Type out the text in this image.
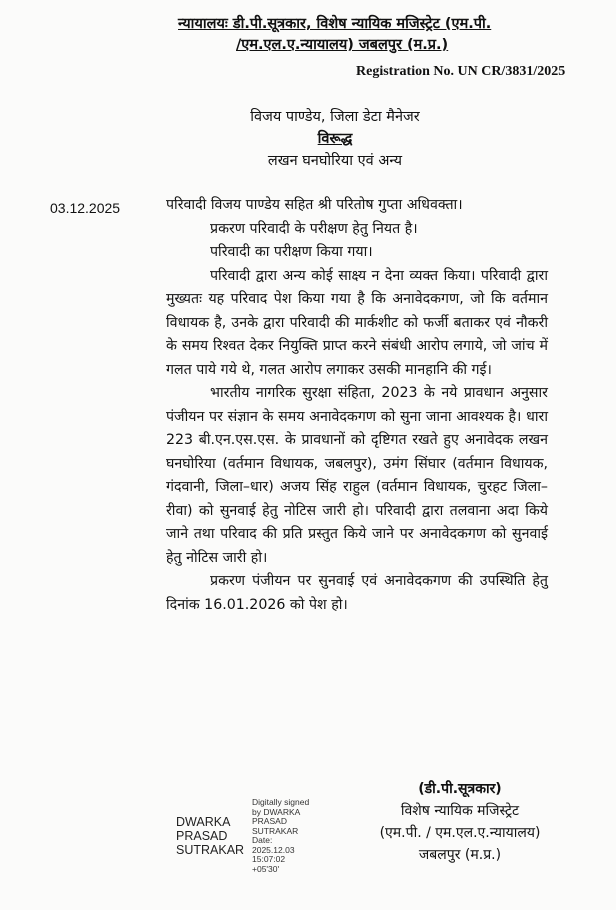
न्यायालयः डी.पी.सूत्रकार, विशेष न्यायिक मजिस्ट्रेट (एम.पी.
/एम.एल.ए.न्यायालय) जबलपुर (म.प्र.)
Registration No. UN CR/3831/2025
विजय पाण्डेय, जिला डेटा मैनेजर
विरूद्ध
लखन घनघोरिया एवं अन्य
03.12.2025	परिवादी विजय पाण्डेय सहित श्री परितोष गुप्ता अधिवक्ता।

प्रकरण परिवादी के परीक्षण हेतु नियत है।

परिवादी का परीक्षण किया गया।

परिवादी द्वारा अन्य कोई साक्ष्य न देना व्यक्त किया। परिवादी द्वारा मुख्यतः यह परिवाद पेश किया गया है कि अनावेदकगण, जो कि वर्तमान विधायक है, उनके द्वारा परिवादी की मार्कशीट को फर्जी बताकर एवं नौकरी के समय रिश्वत देकर नियुक्ति प्राप्त करने संबंधी आरोप लगाये, जो जांच में गलत पाये गये थे, गलत आरोप लगाकर उसकी मानहानि की गई।

भारतीय नागरिक सुरक्षा संहिता, 2023 के नये प्रावधान अनुसार पंजीयन पर संज्ञान के समय अनावेदकगण को सुना जाना आवश्यक है। धारा 223 बी.एन.एस.एस. के प्रावधानों को दृष्टिगत रखते हुए अनावेदक लखन घनघोरिया (वर्तमान विधायक, जबलपुर), उमंग सिंघार (वर्तमान विधायक, गंदवानी, जिला–धार) अजय सिंह राहुल (वर्तमान विधायक, चुरहट जिला–रीवा) को सुनवाई हेतु नोटिस जारी हो। परिवादी द्वारा तलवाना अदा किये जाने तथा परिवाद की प्रति प्रस्तुत किये जाने पर अनावेदकगण को सुनवाई हेतु नोटिस जारी हो।

प्रकरण पंजीयन पर सुनवाई एवं अनावेदकगण की उपस्थिति हेतु दिनांक 16.01.2026 को पेश हो।

(डी.पी.सूत्रकार)
विशेष न्यायिक मजिस्ट्रेट
(एम.पी. / एम.एल.ए.न्यायालय)
जबलपुर (म.प्र.)
DWARKA
PRASAD
SUTRAKAR
Digitally signed
by DWARKA
PRASAD
SUTRAKAR
Date:
2025.12.03
15:07:02
+05'30'
